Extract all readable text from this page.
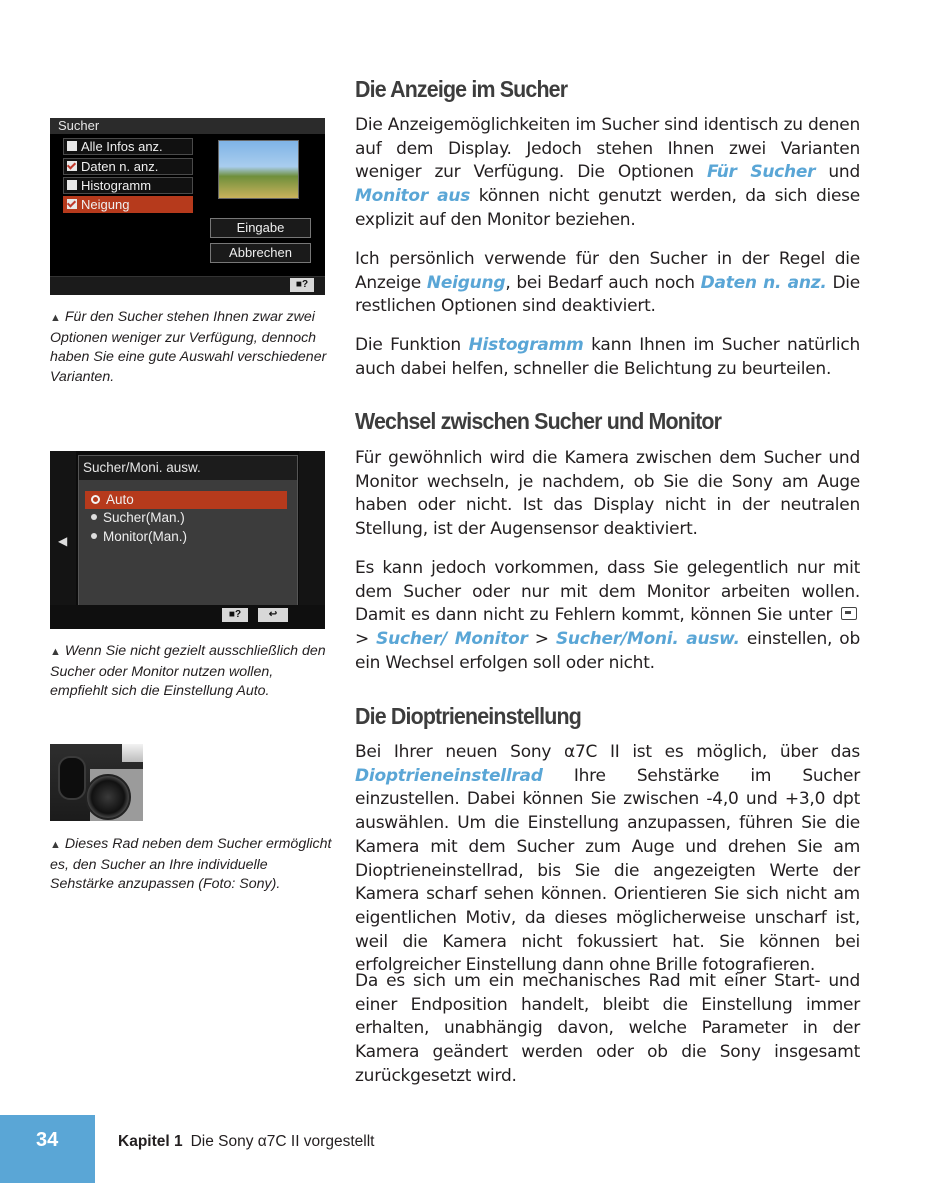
Die Anzeige im Sucher

Die Anzeigemöglichkeiten im Sucher sind identisch zu denen auf dem Display. Jedoch stehen Ihnen zwei Varianten weniger zur Verfügung. Die Optionen Für Sucher und Monitor aus können nicht genutzt werden, da sich diese explizit auf den Monitor beziehen.

Ich persönlich verwende für den Sucher in der Regel die Anzeige Neigung, bei Bedarf auch noch Daten n. anz. Die restlichen Optionen sind deaktiviert.

Die Funktion Histogramm kann Ihnen im Sucher natürlich auch dabei helfen, schneller die Belichtung zu beurteilen.

Wechsel zwischen Sucher und Monitor

Für gewöhnlich wird die Kamera zwischen dem Sucher und Monitor wechseln, je nachdem, ob Sie die Sony am Auge haben oder nicht. Ist das Display nicht in der neutralen Stellung, ist der Augensensor deaktiviert.

Es kann jedoch vorkommen, dass Sie gelegentlich nur mit dem Sucher oder nur mit dem Monitor arbeiten wollen. Damit es dann nicht zu Fehlern kommt, können Sie unter > Sucher/ Monitor > Sucher/Moni. ausw. einstellen, ob ein Wechsel erfolgen soll oder nicht.

Die Dioptrieneinstellung

Bei Ihrer neuen Sony α7C II ist es möglich, über das Dioptrieneinstellrad Ihre Sehstärke im Sucher einzustellen. Dabei können Sie zwischen -4,0 und +3,0 dpt auswählen. Um die Einstellung anzupassen, führen Sie die Kamera mit dem Sucher zum Auge und drehen Sie am Dioptrieneinstellrad, bis Sie die angezeigten Werte der Kamera scharf sehen können. Orientieren Sie sich nicht am eigentlichen Motiv, da dieses möglicherweise unscharf ist, weil die Kamera nicht fokussiert hat. Sie können bei erfolgreicher Einstellung dann ohne Brille fotografieren.

Da es sich um ein mechanisches Rad mit einer Start- und einer Endposition handelt, bleibt die Einstellung immer erhalten, unabhängig davon, welche Parameter in der Kamera geändert werden oder ob die Sony insgesamt zurückgesetzt wird.

Sucher
Alle Infos anz.
Daten n. anz.
Histogramm
Neigung
Eingabe
Abbrechen
■?

▲ Für den Sucher stehen Ihnen zwar zwei Optionen weniger zur Verfügung, dennoch haben Sie eine gute Auswahl verschiedener Varianten.

Sucher/Moni. ausw.
Auto
Sucher(Man.)
Monitor(Man.)
■?	↩
◀

▲ Wenn Sie nicht gezielt ausschließlich den Sucher oder Monitor nutzen wollen, empfiehlt sich die Einstellung Auto.

▲ Dieses Rad neben dem Sucher ermöglicht es, den Sucher an Ihre individuelle Sehstärke anzupassen (Foto: Sony).

34	Kapitel 1 Die Sony α7C II vorgestellt
